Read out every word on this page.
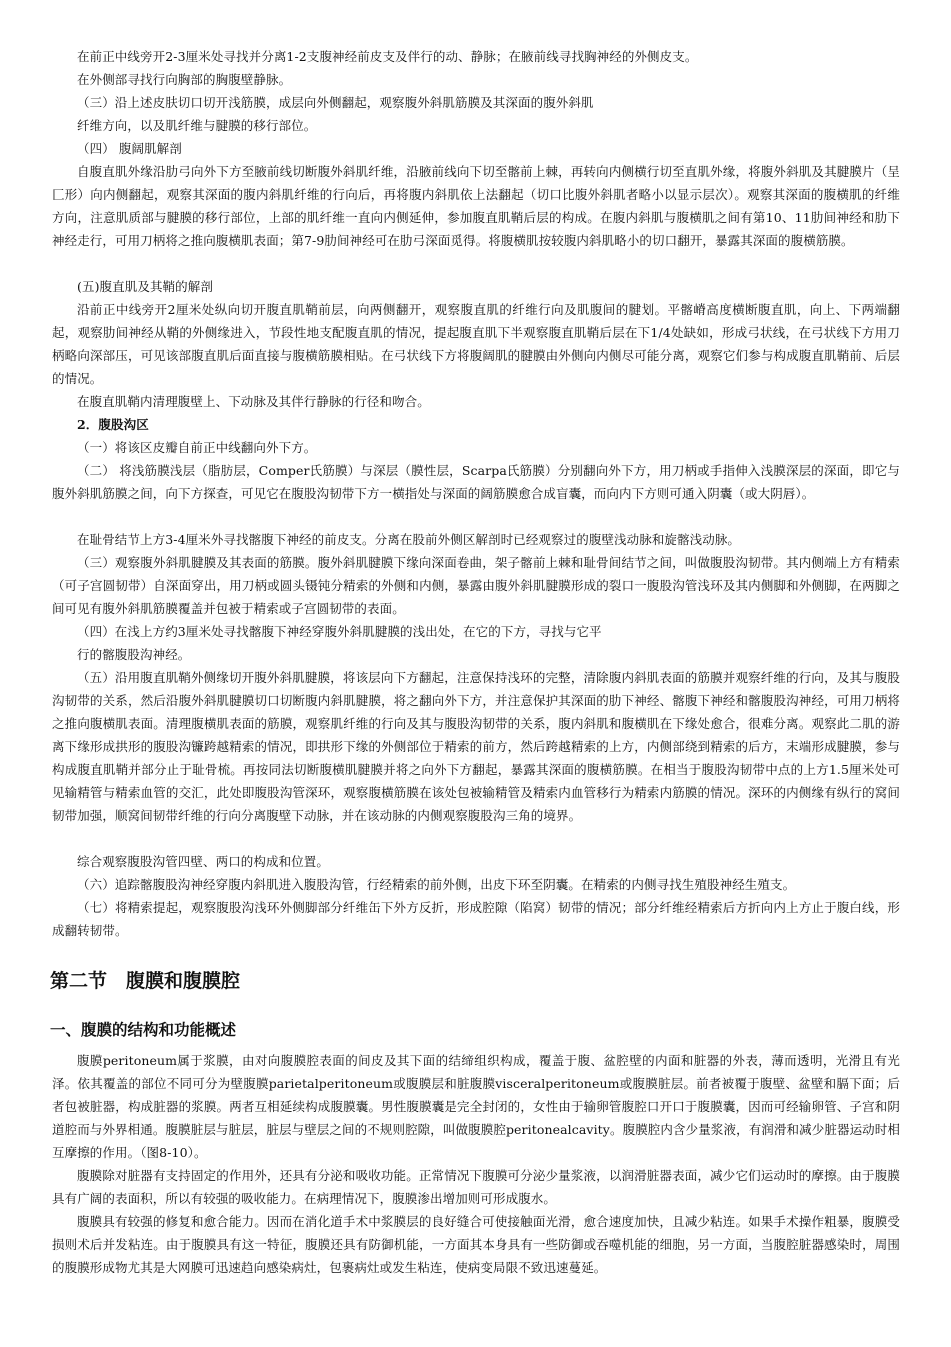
在前正中线旁开2-3厘米处寻找并分离1-2支腹神经前皮支及伴行的动、静脉；在腋前线寻找胸神经的外侧皮支。

在外侧部寻找行向胸部的胸腹壁静脉。

（三）沿上述皮肤切口切开浅筋膜，成层向外侧翻起，观察腹外斜肌筋膜及其深面的腹外斜肌

纤维方向，以及肌纤维与腱膜的移行部位。

（四） 腹阔肌解剖

自腹直肌外缘沿肋弓向外下方至腋前线切断腹外斜肌纤维，沿腋前线向下切至髂前上棘，再转向内侧横行切至直肌外缘，将腹外斜肌及其腱膜片（呈匚形）向内侧翻起，观察其深面的腹内斜肌纤维的行向后，再将腹内斜肌依上法翻起（切口比腹外斜肌者略小以显示层次）。观察其深面的腹横肌的纤维方向，注意肌质部与腱膜的移行部位，上部的肌纤维一直向内侧延伸，参加腹直肌鞘后层的构成。在腹内斜肌与腹横肌之间有第10、11肋间神经和肋下神经走行，可用刀柄将之推向腹横肌表面；第7-9肋间神经可在肋弓深面觅得。将腹横肌按较腹内斜肌略小的切口翻开，暴露其深面的腹横筋膜。

(五)腹直肌及其鞘的解剖

沿前正中线旁开2厘米处纵向切开腹直肌鞘前层，向两侧翻开，观察腹直肌的纤维行向及肌腹间的腱划。平髂嵴高度横断腹直肌，向上、下两端翻起，观察肋间神经从鞘的外侧缘进入，节段性地支配腹直肌的情况，提起腹直肌下半观察腹直肌鞘后层在下1/4处缺如，形成弓状线，在弓状线下方用刀柄略向深部压，可见该部腹直肌后面直接与腹横筋膜相贴。在弓状线下方将腹阔肌的腱膜由外侧向内侧尽可能分离，观察它们参与构成腹直肌鞘前、后层的情况。

在腹直肌鞘内清理腹壁上、下动脉及其伴行静脉的行径和吻合。

2．腹股沟区

（一）将该区皮瓣自前正中线翻向外下方。

（二） 将浅筋膜浅层（脂肪层，Comper氏筋膜）与深层（膜性层，Scarpa氏筋膜）分别翻向外下方，用刀柄或手指伸入浅膜深层的深面，即它与腹外斜肌筋膜之间，向下方探查，可见它在腹股沟韧带下方一横指处与深面的阔筋膜愈合成盲囊，而向内下方则可通入阴囊（或大阴唇）。

在耻骨结节上方3-4厘米外寻找髂腹下神经的前皮支。分离在股前外侧区解剖时已经观察过的腹壁浅动脉和旋髂浅动脉。

（三）观察腹外斜肌腱膜及其表面的筋膜。腹外斜肌腱膜下缘向深面卷曲，架子髂前上棘和耻骨间结节之间，叫做腹股沟韧带。其内侧端上方有精索（可子宫圆韧带）自深面穿出，用刀柄或圆头镊钝分精索的外侧和内侧，暴露由腹外斜肌腱膜形成的裂口一腹股沟管浅环及其内侧脚和外侧脚，在两脚之间可见有腹外斜肌筋膜覆盖并包被于精索或子宫圆韧带的表面。

（四）在浅上方约3厘米处寻找髂腹下神经穿腹外斜肌腱膜的浅出处，在它的下方，寻找与它平

行的髂腹股沟神经。

（五）沿用腹直肌鞘外侧缘切开腹外斜肌腱膜，将该层向下方翻起，注意保持浅环的完整，清除腹内斜肌表面的筋膜并观察纤维的行向，及其与腹股沟韧带的关系，然后沿腹外斜肌腱膜切口切断腹内斜肌腱膜，将之翻向外下方，并注意保护其深面的肋下神经、髂腹下神经和髂腹股沟神经，可用刀柄将之推向腹横肌表面。清理腹横肌表面的筋膜，观察肌纤维的行向及其与腹股沟韧带的关系，腹内斜肌和腹横肌在下缘处愈合，很难分离。观察此二肌的游离下缘形成拱形的腹股沟镰跨越精索的情况，即拱形下缘的外侧部位于精索的前方，然后跨越精索的上方，内侧部绕到精索的后方，末端形成腱膜，参与构成腹直肌鞘并部分止于耻骨梳。再按同法切断腹横肌腱膜并将之向外下方翻起，暴露其深面的腹横筋膜。在相当于腹股沟韧带中点的上方1.5厘米处可见输精管与精索血管的交汇，此处即腹股沟管深环，观察腹横筋膜在该处包被输精管及精索内血管移行为精索内筋膜的情况。深环的内侧缘有纵行的窝间韧带加强，顺窝间韧带纤维的行向分离腹壁下动脉，并在该动脉的内侧观察腹股沟三角的境界。

综合观察腹股沟管四壁、两口的构成和位置。

（六）追踪髂腹股沟神经穿腹内斜肌进入腹股沟管，行经精索的前外侧，出皮下环至阴囊。在精索的内侧寻找生殖股神经生殖支。

（七）将精索提起，观察腹股沟浅环外侧脚部分纤维缶下外方反折，形成腔隙（陷窝）韧带的情况；部分纤维经精索后方折向内上方止于腹白线，形成翻转韧带。

第二节　腹膜和腹膜腔
一、腹膜的结构和功能概述

腹膜peritoneum属于浆膜，由对向腹膜腔表面的间皮及其下面的结缔组织构成，覆盖于腹、盆腔壁的内面和脏器的外表，薄而透明，光滑且有光泽。依其覆盖的部位不同可分为壁腹膜parietalperitoneum或腹膜层和脏腹膜visceralperitoneum或腹膜脏层。前者被覆于腹壁、盆壁和膈下面；后者包被脏器，构成脏器的浆膜。两者互相延续构成腹膜囊。男性腹膜囊是完全封闭的，女性由于输卵管腹腔口开口于腹膜囊，因而可经输卵管、子宫和阴道腔而与外界相通。腹膜脏层与脏层，脏层与壁层之间的不规则腔隙，叫做腹膜腔peritonealcavity。腹膜腔内含少量浆液，有润滑和减少脏器运动时相互摩擦的作用。（图8-10）。

腹膜除对脏器有支持固定的作用外，还具有分泌和吸收功能。正常情况下腹膜可分泌少量浆液，以润滑脏器表面，减少它们运动时的摩擦。由于腹膜具有广阔的表面积，所以有较强的吸收能力。在病理情况下，腹膜渗出增加则可形成腹水。

腹膜具有较强的修复和愈合能力。因而在消化道手术中浆膜层的良好缝合可使接触面光滑，愈合速度加快，且减少粘连。如果手术操作粗暴，腹膜受损则术后并发粘连。由于腹膜具有这一特征，腹膜还具有防御机能，一方面其本身具有一些防御或吞噬机能的细胞，另一方面，当腹腔脏器感染时，周围的腹膜形成物尤其是大网膜可迅速趋向感染病灶，包裹病灶或发生粘连，使病变局限不致迅速蔓延。
